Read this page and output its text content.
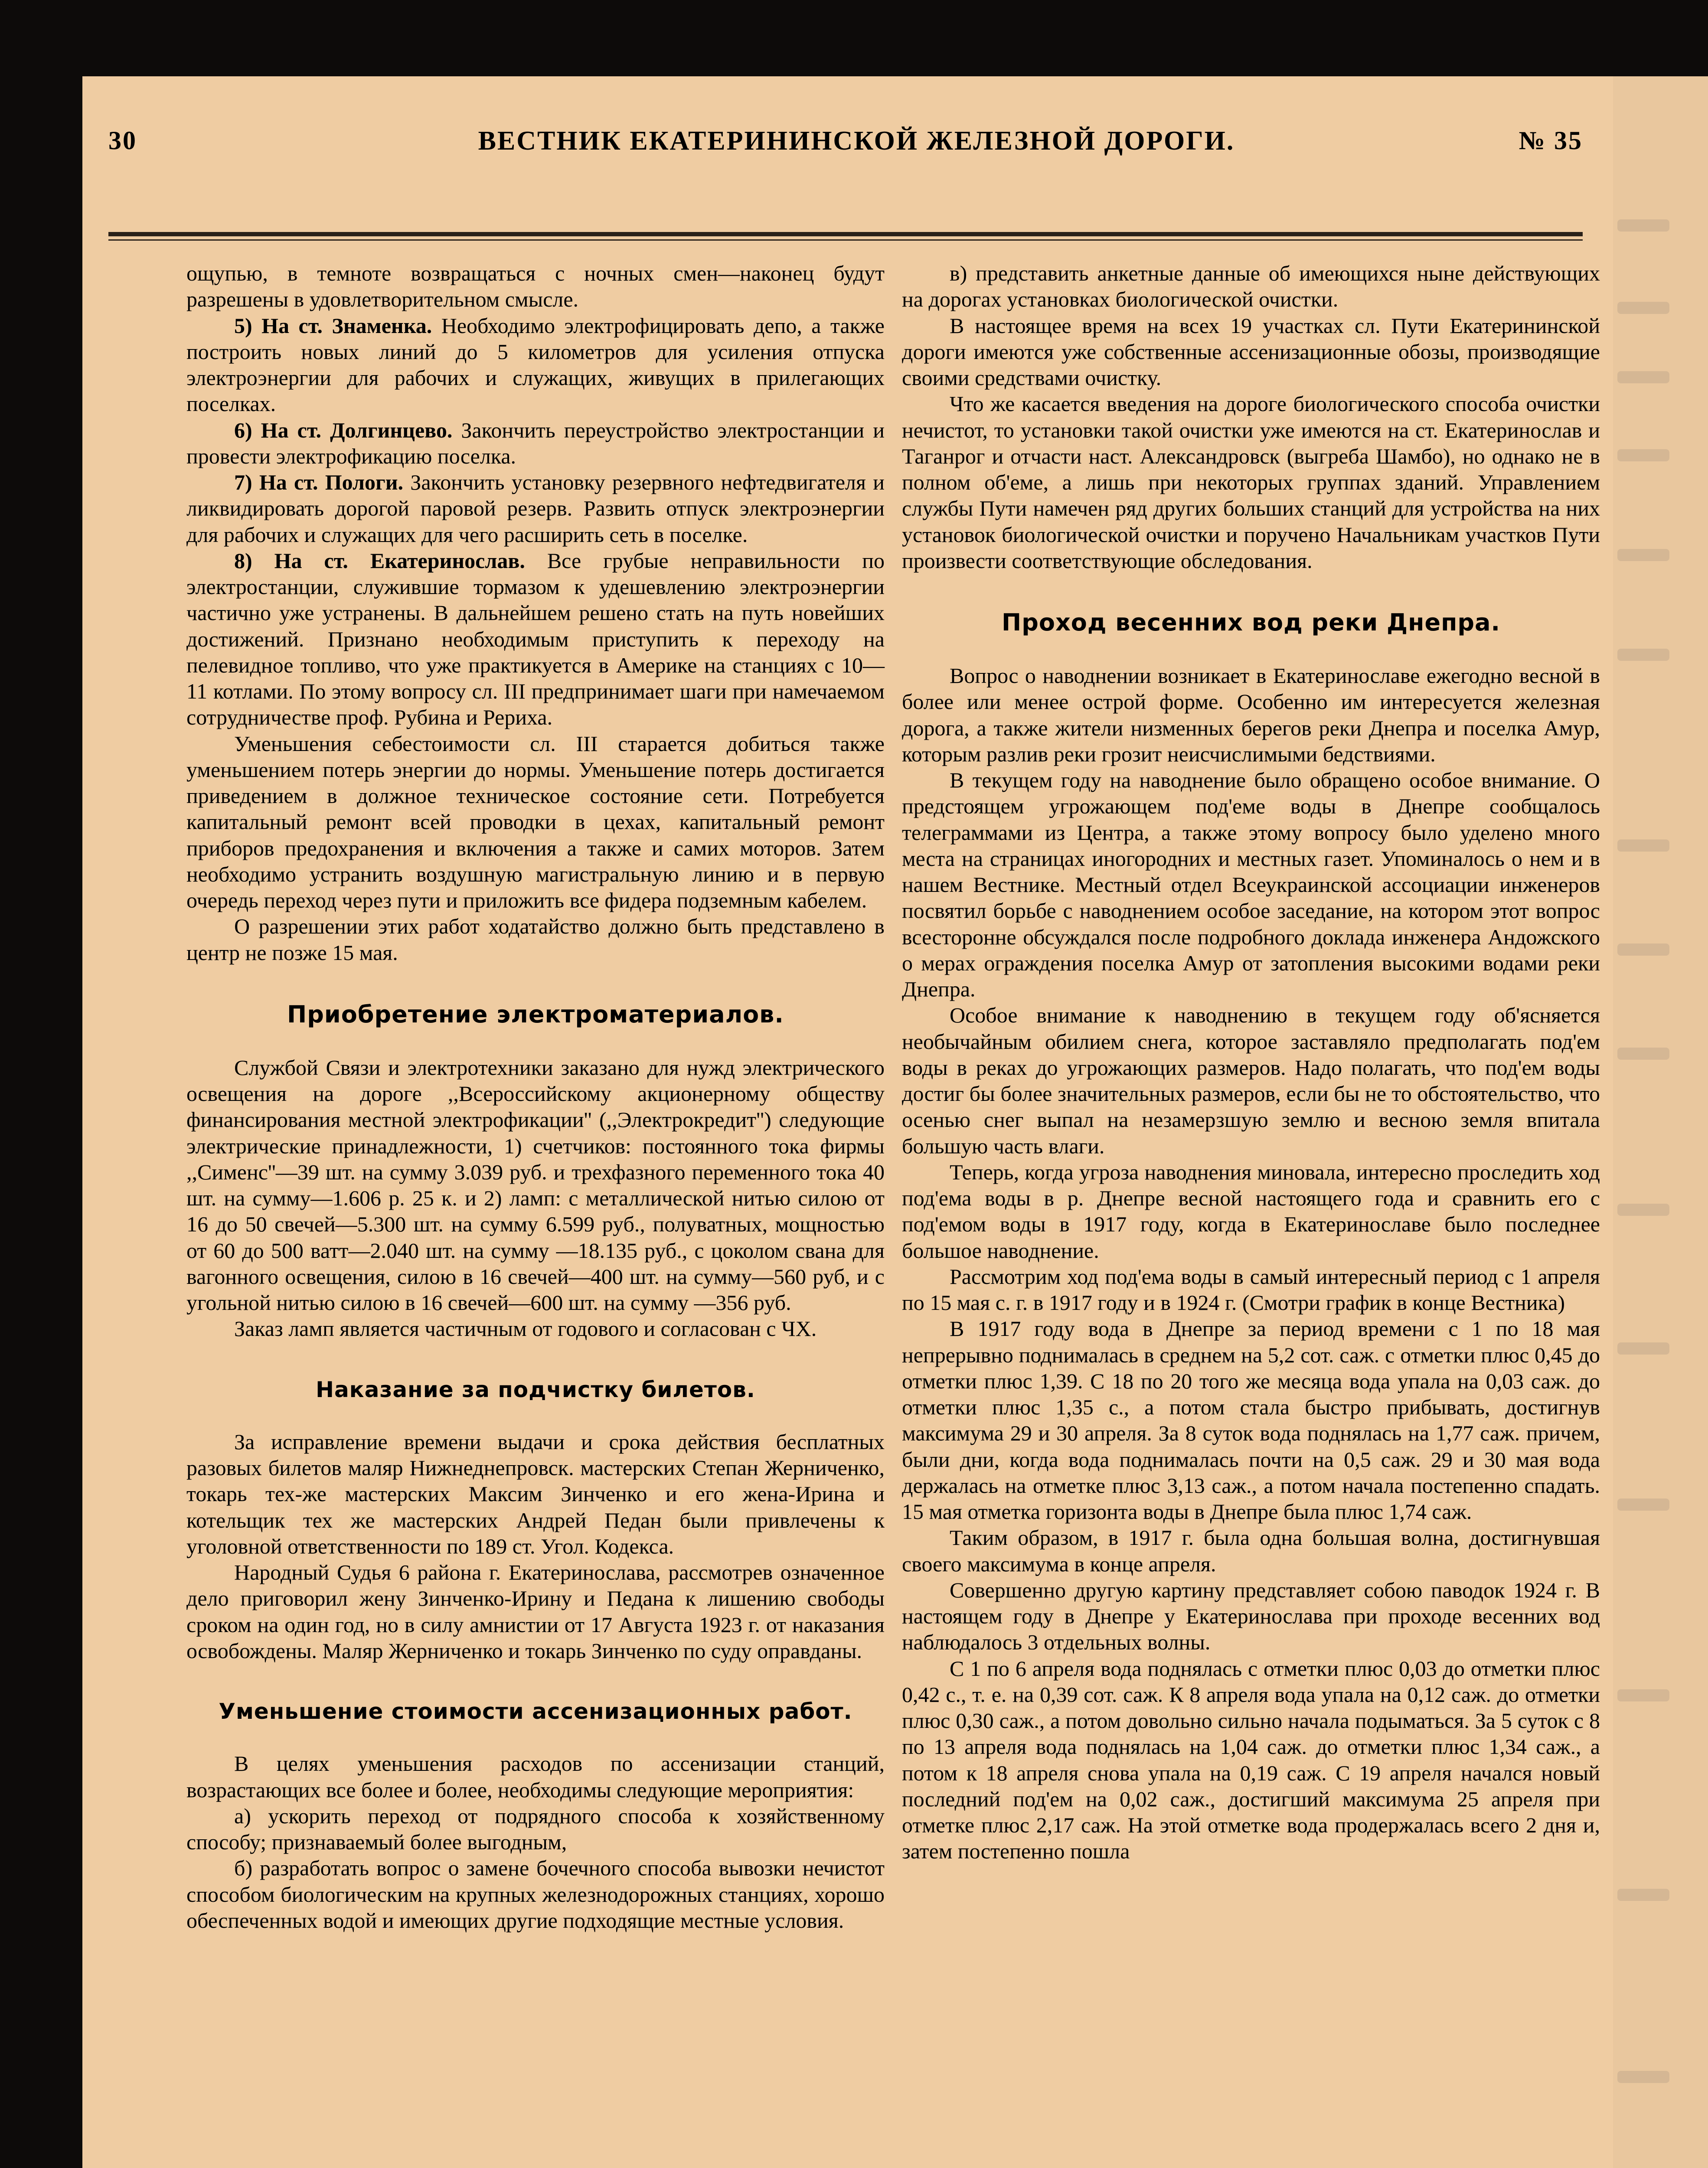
30	ВЕСТНИК ЕКАТЕРИНИНСКОЙ ЖЕЛЕЗНОЙ ДОРОГИ.	№ 35

ощупью, в темноте возвращаться с ночных смен—наконец будут разрешены в удовлетворительном смысле.

5) На ст. Знаменка. Необходимо электрофицировать депо, а также построить новых линий до 5 километров для усиления отпуска электроэнергии для рабочих и служащих, живущих в прилегающих поселках.

6) На ст. Долгинцево. Закончить переустройство электростанции и провести электрофикацию поселка.

7) На ст. Пологи. Закончить установку резервного нефтедвигателя и ликвидировать дорогой паровой резерв. Развить отпуск электроэнергии для рабочих и служащих для чего расширить сеть в поселке.

8) На ст. Екатеринослав. Все грубые неправильности по электростанции, служившие тормазом к удешевлению электроэнергии частично уже устранены. В дальнейшем решено стать на путь новейших достижений. Признано необходимым приступить к переходу на пелевидное топливо, что уже практикуется в Америке на станциях с 10—11 котлами. По этому вопросу сл. III предпринимает шаги при намечаемом сотрудничестве проф. Рубина и Рериха.

Уменьшения себестоимости сл. III старается добиться также уменьшением потерь энергии до нормы. Уменьшение потерь достигается приведением в должное техническое состояние сети. Потребуется капитальный ремонт всей проводки в цехах, капитальный ремонт приборов предохранения и включения а также и самих моторов. Затем необходимо устранить воздушную магистральную линию и в первую очередь переход через пути и приложить все фидера подземным кабелем.

О разрешении этих работ ходатайство должно быть представлено в центр не позже 15 мая.

Приобретение электроматериалов.

Службой Связи и электротехники заказано для нужд электрического освещения на дороге ,,Всероссийскому акционерному обществу финансирования местной электрофикации'' (,,Электрокредит'') следующие электрические принадлежности, 1) счетчиков: постоянного тока фирмы ,,Сименс''—39 шт. на сумму 3.039 руб. и трехфазного переменного тока 40 шт. на сумму—1.606 р. 25 к. и 2) ламп: с металлической нитью силою от 16 до 50 свечей—5.300 шт. на сумму 6.599 руб., полуватных, мощностью от 60 до 500 ватт—2.040 шт. на сумму —18.135 руб., с цоколом свана для вагонного освещения, силою в 16 свечей—400 шт. на сумму—560 руб, и с угольной нитью силою в 16 свечей—600 шт. на сумму —356 руб.

Заказ ламп является частичным от годового и согласован с ЧХ.

Наказание за подчистку билетов.

За исправление времени выдачи и срока действия бесплатных разовых билетов маляр Нижнеднепровск. мастерских Степан Жерниченко, токарь тех-же мастерских Максим Зинченко и его жена-Ирина и котельщик тех же мастерских Андрей Педан были привлечены к уголовной ответственности по 189 ст. Угол. Кодекса.

Народный Судья 6 района г. Екатеринослава, рассмотрев означенное дело приговорил жену Зинченко-Ирину и Педана к лишению свободы сроком на один год, но в силу амнистии от 17 Августа 1923 г. от наказания освобождены. Маляр Жерниченко и токарь Зинченко по суду оправданы.

Уменьшение стоимости ассенизационных работ.

В целях уменьшения расходов по ассенизации станций, возрастающих все более и более, необходимы следующие мероприятия:

а) ускорить переход от подрядного способа к хозяйственному способу; признаваемый более выгодным,

б) разработать вопрос о замене бочечного способа вывозки нечистот способом биологическим на крупных железнодорожных станциях, хорошо обеспеченных водой и имеющих другие подходящие местные условия.

в) представить анкетные данные об имеющихся ныне действующих на дорогах установках биологической очистки.

В настоящее время на всех 19 участках сл. Пути Екатерининской дороги имеются уже собственные ассенизационные обозы, производящие своими средствами очистку.

Что же касается введения на дороге биологического способа очистки нечистот, то установки такой очистки уже имеются на ст. Екатеринослав и Таганрог и отчасти наст. Александровск (выгреба Шамбо), но однако не в полном об'еме, а лишь при некоторых группах зданий. Управлением службы Пути намечен ряд других больших станций для устройства на них установок биологической очистки и поручено Начальникам участков Пути произвести соответствующие обследования.

Проход весенних вод реки Днепра.

Вопрос о наводнении возникает в Екатеринославе ежегодно весной в более или менее острой форме. Особенно им интересуется железная дорога, а также жители низменных берегов реки Днепра и поселка Амур, которым разлив реки грозит неисчислимыми бедствиями.

В текущем году на наводнение было обращено особое внимание. О предстоящем угрожающем под'еме воды в Днепре сообщалось телеграммами из Центра, а также этому вопросу было уделено много места на страницах иногородних и местных газет. Упоминалось о нем и в нашем Вестнике. Местный отдел Всеукраинской ассоциации инженеров посвятил борьбе с наводнением особое заседание, на котором этот вопрос всесторонне обсуждался после подробного доклада инженера Андожского о мерах ограждения поселка Амур от затопления высокими водами реки Днепра.

Особое внимание к наводнению в текущем году об'ясняется необычайным обилием снега, которое заставляло предполагать под'ем воды в реках до угрожающих размеров. Надо полагать, что под'ем воды достиг бы более значительных размеров, если бы не то обстоятельство, что осенью снег выпал на незамерзшую землю и весною земля впитала большую часть влаги.

Теперь, когда угроза наводнения миновала, интересно проследить ход под'ема воды в р. Днепре весной настоящего года и сравнить его с под'емом воды в 1917 году, когда в Екатеринославе было последнее большое наводнение.

Рассмотрим ход под'ема воды в самый интересный период с 1 апреля по 15 мая с. г. в 1917 году и в 1924 г. (Смотри график в конце Вестника)

В 1917 году вода в Днепре за период времени с 1 по 18 мая непрерывно поднималась в среднем на 5,2 сот. саж. с отметки плюс 0,45 до отметки плюс 1,39. С 18 по 20 того же месяца вода упала на 0,03 саж. до отметки плюс 1,35 с., а потом стала быстро прибывать, достигнув максимума 29 и 30 апреля. За 8 суток вода поднялась на 1,77 саж. причем, были дни, когда вода поднималась почти на 0,5 саж. 29 и 30 мая вода держалась на отметке плюс 3,13 саж., а потом начала постепенно спадать. 15 мая отметка горизонта воды в Днепре была плюс 1,74 саж.

Таким образом, в 1917 г. была одна большая волна, достигнувшая своего максимума в конце апреля.

Совершенно другую картину представляет собою паводок 1924 г. В настоящем году в Днепре у Екатеринослава при проходе весенних вод наблюдалось 3 отдельных волны.

С 1 по 6 апреля вода поднялась с отметки плюс 0,03 до отметки плюс 0,42 с., т. е. на 0,39 сот. саж. К 8 апреля вода упала на 0,12 саж. до отметки плюс 0,30 саж., а потом довольно сильно начала подыматься. За 5 суток с 8 по 13 апреля вода поднялась на 1,04 саж. до отметки плюс 1,34 саж., а потом к 18 апреля снова упала на 0,19 саж. С 19 апреля начался новый последний под'ем на 0,02 саж., достигший максимума 25 апреля при отметке плюс 2,17 саж. На этой отметке вода продержалась всего 2 дня и, затем постепенно пошла
